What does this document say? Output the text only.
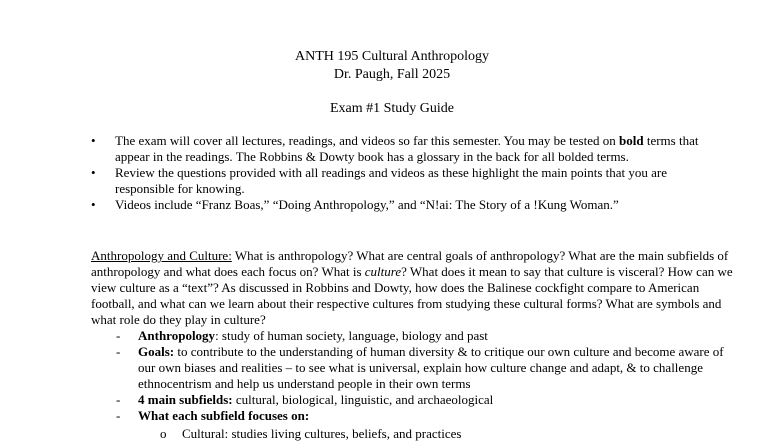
ANTH 195 Cultural Anthropology
Dr. Paugh, Fall 2025
Exam #1 Study Guide
• The exam will cover all lectures, readings, and videos so far this semester. You may be tested on bold terms that appear in the readings. The Robbins & Dowty book has a glossary in the back for all bolded terms.
• Review the questions provided with all readings and videos as these highlight the main points that you are responsible for knowing.
• Videos include “Franz Boas,” “Doing Anthropology,” and “N!ai: The Story of a !Kung Woman.”

Anthropology and Culture: What is anthropology? What are central goals of anthropology? What are the main subfields of anthropology and what does each focus on? What is culture? What does it mean to say that culture is visceral? How can we view culture as a “text”? As discussed in Robbins and Dowty, how does the Balinese cockfight compare to American football, and what can we learn about their respective cultures from studying these cultural forms? What are symbols and what role do they play in culture?

- Anthropology: study of human society, language, biology and past
- Goals: to contribute to the understanding of human diversity & to critique our own culture and become aware of our own biases and realities – to see what is universal, explain how culture change and adapt, & to challenge ethnocentrism and help us understand people in their own terms
- 4 main subfields: cultural, biological, linguistic, and archaeological
- What each subfield focuses on:
o Cultural: studies living cultures, beliefs, and practices
